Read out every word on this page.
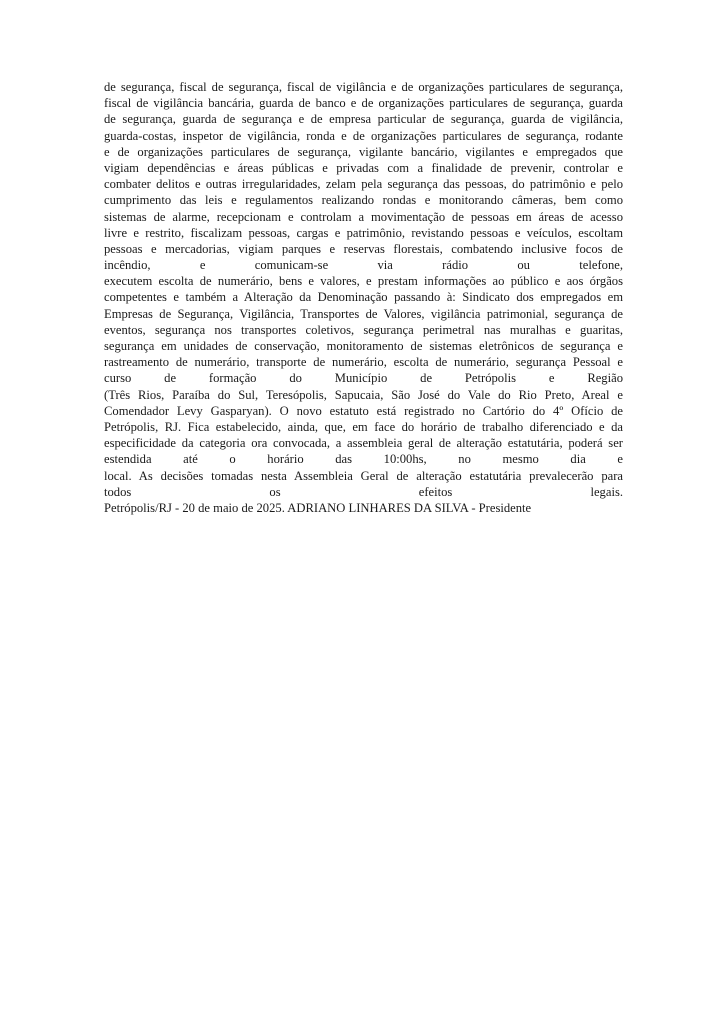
de segurança, fiscal de segurança, fiscal de vigilância e de organizações particulares de segurança,
fiscal de vigilância bancária, guarda de banco e de organizações particulares de segurança, guarda
de segurança, guarda de segurança e de empresa particular de segurança, guarda de vigilância,
guarda-costas, inspetor de vigilância, ronda e de organizações particulares de segurança, rodante
e de organizações particulares de segurança, vigilante bancário, vigilantes e empregados que
vigiam dependências e áreas públicas e privadas com a finalidade de prevenir, controlar e
combater delitos e outras irregularidades, zelam pela segurança das pessoas, do patrimônio e pelo
cumprimento das leis e regulamentos realizando rondas e monitorando câmeras, bem como
sistemas de alarme, recepcionam e controlam a movimentação de pessoas em áreas de acesso
livre e restrito, fiscalizam pessoas, cargas e patrimônio, revistando pessoas e veículos, escoltam
pessoas e mercadorias, vigiam parques e reservas florestais, combatendo inclusive focos de
incêndio, e comunicam-se via rádio ou telefone,
executem escolta de numerário, bens e valores, e prestam informações ao público e aos órgãos
competentes e também a Alteração da Denominação passando à: Sindicato dos empregados em
Empresas de Segurança, Vigilância, Transportes de Valores, vigilância patrimonial, segurança de
eventos, segurança nos transportes coletivos, segurança perimetral nas muralhas e guaritas,
segurança em unidades de conservação, monitoramento de sistemas eletrônicos de segurança e
rastreamento de numerário, transporte de numerário, escolta de numerário, segurança Pessoal e
curso de formação do Município de Petrópolis e Região
(Três Rios, Paraíba do Sul, Teresópolis, Sapucaia, São José do Vale do Rio Preto, Areal e
Comendador Levy Gasparyan). O novo estatuto está registrado no Cartório do 4º Ofício de
Petrópolis, RJ. Fica estabelecido, ainda, que, em face do horário de trabalho diferenciado e da
especificidade da categoria ora convocada, a assembleia geral de alteração estatutária, poderá ser
estendida até o horário das 10:00hs, no mesmo dia e
local. As decisões tomadas nesta Assembleia Geral de alteração estatutária prevalecerão para
todos os efeitos legais.
Petrópolis/RJ - 20 de maio de 2025. ADRIANO LINHARES DA SILVA - Presidente
